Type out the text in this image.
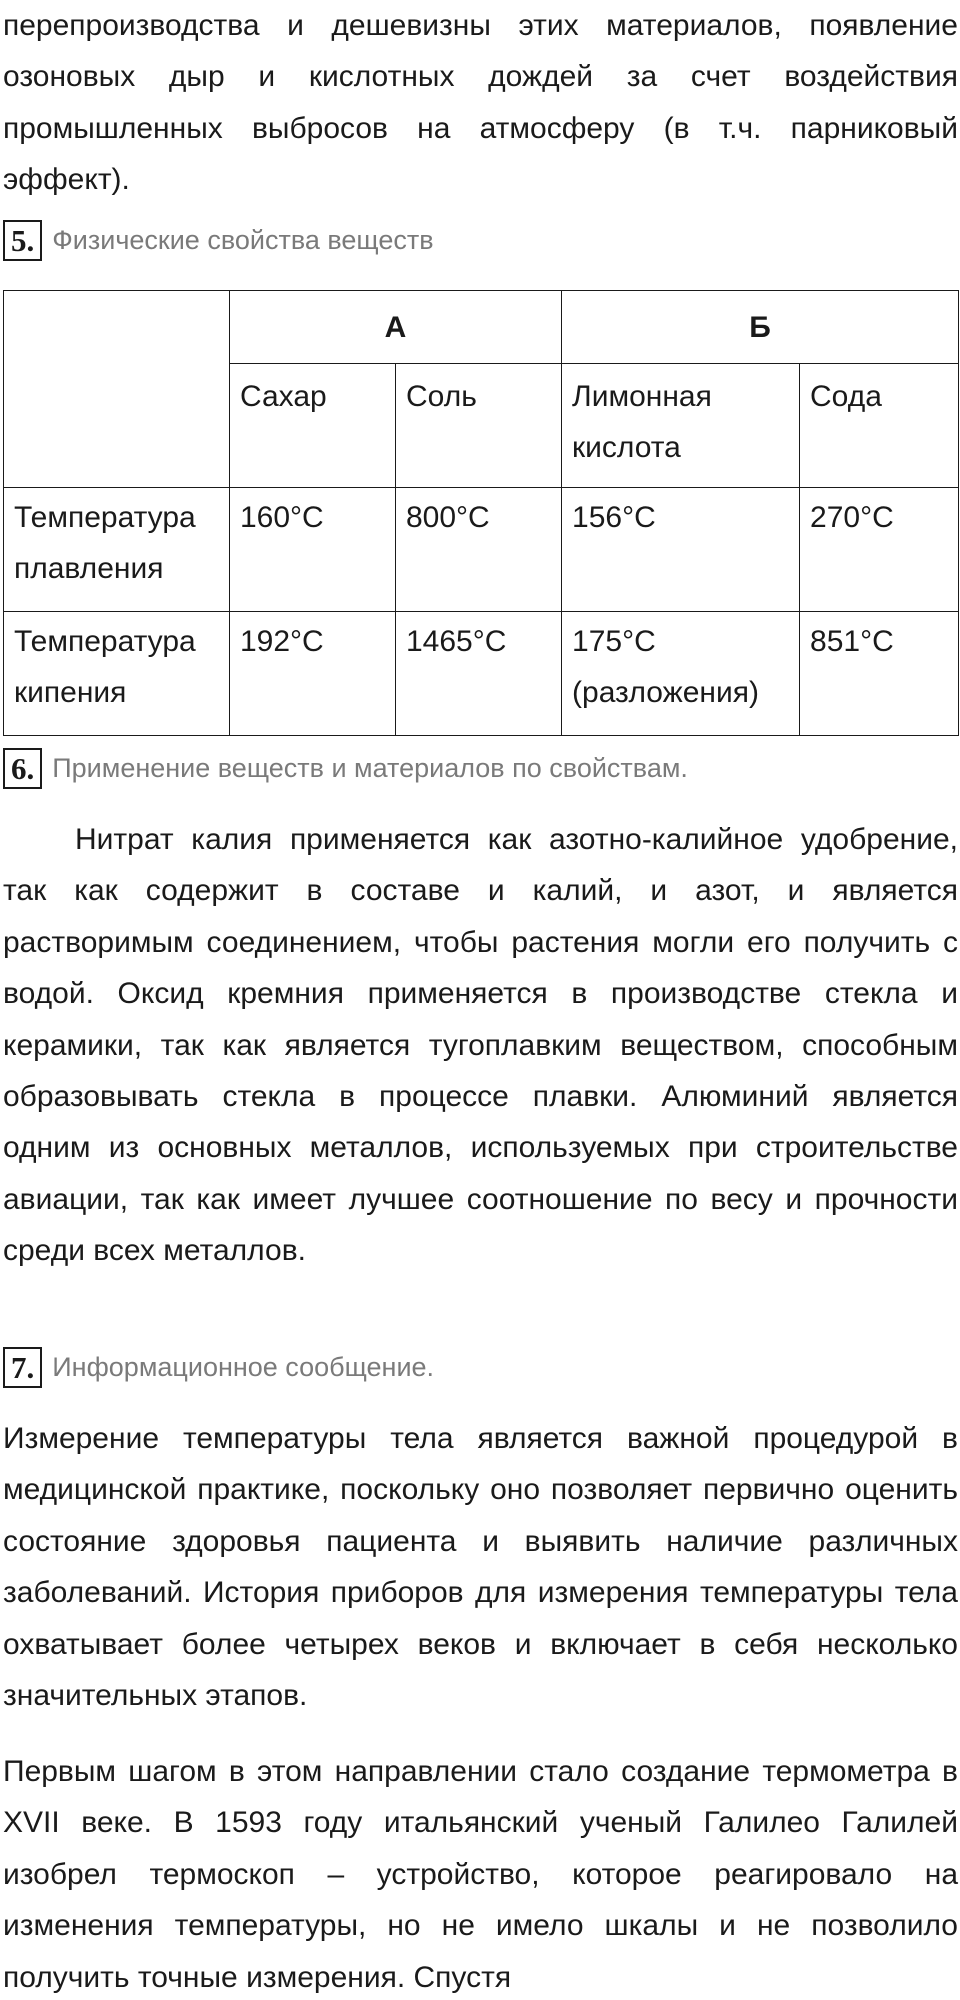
перепроизводства и дешевизны этих материалов, появление озоновых дыр и кислотных дождей за счет воздействия промышленных выбросов на атмосферу (в т.ч. парниковый эффект).

5. Физические свойства веществ
	А		Б	
	Сахар	Соль	Лимонная кислота	Сода
Температура плавления	160°С	800°С	156°С	270°С
Температура кипения	192°С	1465°С	175°С (разложения)	851°С
6. Применение веществ и материалов по свойствам.

Нитрат калия применяется как азотно-калийное удобрение, так как содержит в составе и калий, и азот, и является растворимым соединением, чтобы растения могли его получить с водой. Оксид кремния применяется в производстве стекла и керамики, так как является тугоплавким веществом, способным образовывать стекла в процессе плавки. Алюминий является одним из основных металлов, используемых при строительстве авиации, так как имеет лучшее соотношение по весу и прочности среди всех металлов.

7. Информационное сообщение.

Измерение температуры тела является важной процедурой в медицинской практике, поскольку оно позволяет первично оценить состояние здоровья пациента и выявить наличие различных заболеваний. История приборов для измерения температуры тела охватывает более четырех веков и включает в себя несколько значительных этапов.

Первым шагом в этом направлении стало создание термометра в XVII веке. В 1593 году итальянский ученый Галилео Галилей изобрел термоскоп – устройство, которое реагировало на изменения температуры, но не имело шкалы и не позволило получить точные измерения. Спустя
